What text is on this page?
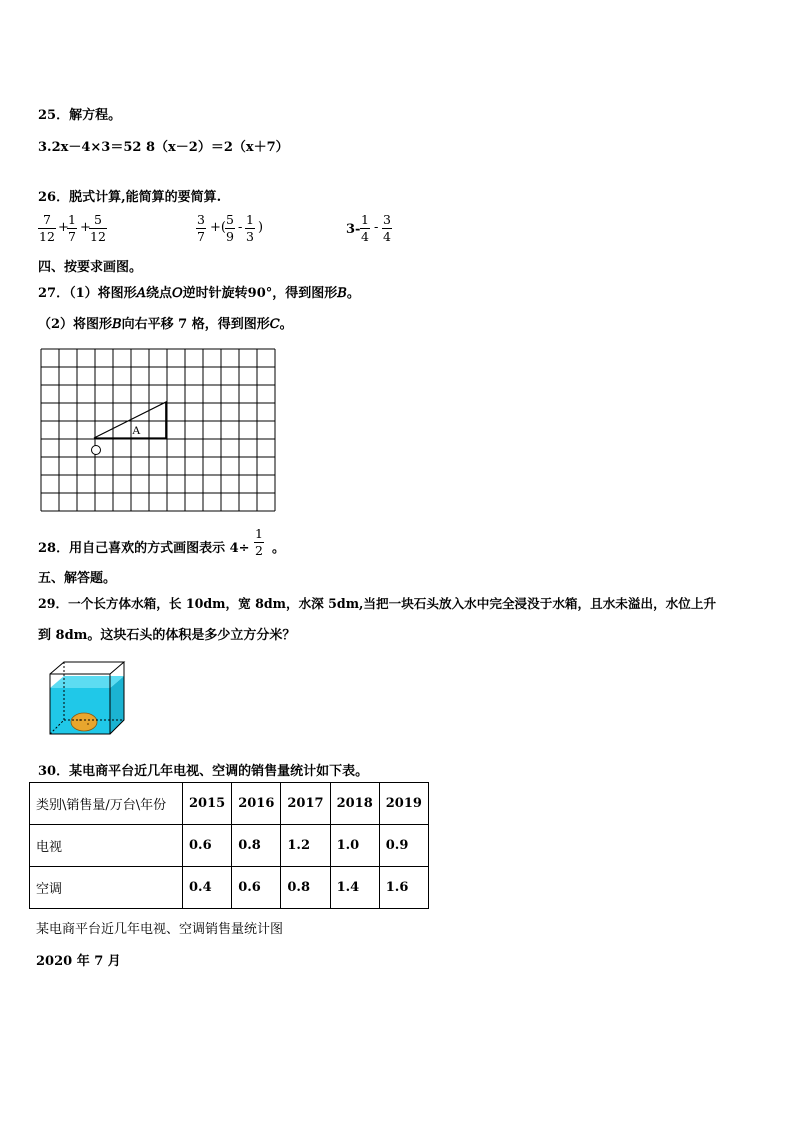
25．解方程。
3.2x－4×3＝52 8（x－2）＝2（x＋7）
26．脱式计算,能简算的要简算.
$\frac{7}{12}$ +
$\frac{1}{7}$ +
$\frac{5}{12}$	$\frac{3}{7}$ +( $\frac{5}{9} - \frac{1}{3}$ )	$3- \frac{1}{4} - \frac{3}{4}$
四、按要求画图。
27．（1）将图形𝐴绕点𝑂逆时针旋转90°，得到图形𝐵。
（2）将图形𝐵向右平移 7 格，得到图形𝐶。
A
28．用自己喜欢的方式画图表示 $4\div \frac{1}{2}$ 。
五、解答题。
29．一个长方体水箱，长 10dm，宽 8dm，水深 5dm,当把一块石头放入水中完全浸没于水箱，且水未溢出，水位上升
到 8dm。这块石头的体积是多少立方分米？
30．某电商平台近几年电视、空调的销售量统计如下表。
类别\销售量/万台\年份	2015	2016	2017	2018	2019
电视	0.6	0.8	1.2	1.0	0.9
空调	0.4	0.6	0.8	1.4	1.6
某电商平台近几年电视、空调销售量统计图
2020 年 7 月
